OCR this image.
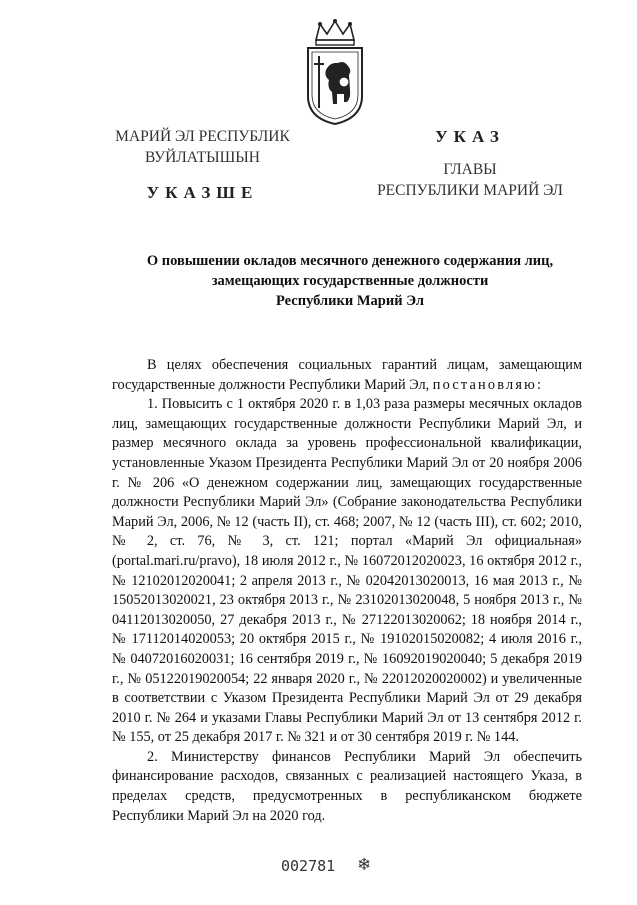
МАРИЙ ЭЛ РЕСПУБЛИК
ВУЙЛАТЫШЫН
УКАЗШЕ
УКАЗ
ГЛАВЫ
РЕСПУБЛИКИ МАРИЙ ЭЛ
О повышении окладов месячного денежного содержания лиц,
замещающих государственные должности
Республики Марий Эл

В целях обеспечения социальных гарантий лицам, замещающим государственные должности Республики Марий Эл, постановляю:

1. Повысить с 1 октября 2020 г. в 1,03 раза размеры месячных окладов лиц, замещающих государственные должности Республики Марий Эл, и размер месячного оклада за уровень профессиональной квалификации, установленные Указом Президента Республики Марий Эл от 20 ноября 2006 г. № 206 «О денежном содержании лиц, замещающих государственные должности Республики Марий Эл» (Собрание законодательства Республики Марий Эл, 2006, № 12 (часть II), ст. 468; 2007, № 12 (часть III), ст. 602; 2010, № 2, ст. 76, № 3, ст. 121; портал «Марий Эл официальная» (portal.mari.ru/pravo), 18 июля 2012 г., № 16072012020023, 16 октября 2012 г., № 12102012020041; 2 апреля 2013 г., № 02042013020013, 16 мая 2013 г., № 15052013020021, 23 октября 2013 г., № 23102013020048, 5 ноября 2013 г., № 04112013020050, 27 декабря 2013 г., № 27122013020062; 18 ноября 2014 г., № 17112014020053; 20 октября 2015 г., № 19102015020082; 4 июля 2016 г., № 04072016020031; 16 сентября 2019 г., № 16092019020040; 5 декабря 2019 г., № 05122019020054; 22 января 2020 г., № 22012020020002) и увеличенные в соответствии с Указом Президента Республики Марий Эл от 29 декабря 2010 г. № 264 и указами Главы Республики Марий Эл от 13 сентября 2012 г. № 155, от 25 декабря 2017 г. № 321 и от 30 сентября 2019 г. № 144.

2. Министерству финансов Республики Марий Эл обеспечить финансирование расходов, связанных с реализацией настоящего Указа, в пределах средств, предусмотренных в республиканском бюджете Республики Марий Эл на 2020 год.

002781 ❄
